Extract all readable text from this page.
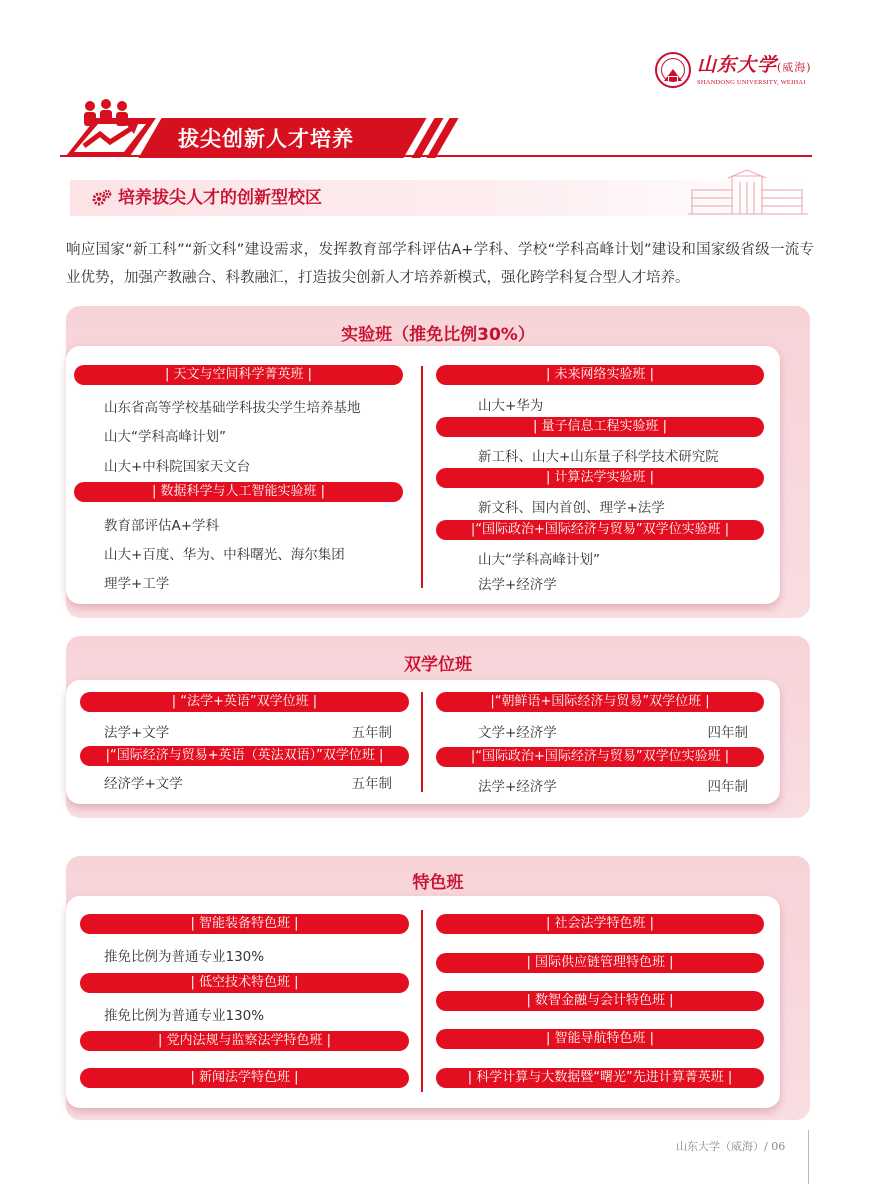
山东大学(威海)
SHANDONG UNIVERSITY, WEIHAI
拔尖创新人才培养
培养拔尖人才的创新型校区
响应国家“新工科”“新文科”建设需求，发挥教育部学科评估A+学科、学校“学科高峰计划”建设和国家级省级一流专业优势，加强产教融合、科教融汇，打造拔尖创新人才培养新模式，强化跨学科复合型人才培养。
实验班（推免比例30%）
| 天文与空间科学菁英班 |
山东省高等学校基础学科拔尖学生培养基地
山大“学科高峰计划”
山大+中科院国家天文台
| 数据科学与人工智能实验班 |
教育部评估A+学科
山大+百度、华为、中科曙光、海尔集团
理学+工学
| 未来网络实验班 |
山大+华为
| 量子信息工程实验班 |
新工科、山大+山东量子科学技术研究院
| 计算法学实验班 |
新文科、国内首创、理学+法学
|“国际政治+国际经济与贸易”双学位实验班 |
山大“学科高峰计划”
法学+经济学
双学位班
| “法学+英语”双学位班 |
法学+文学	五年制
|“国际经济与贸易+英语（英法双语）”双学位班 |
经济学+文学	五年制
|“朝鲜语+国际经济与贸易”双学位班 |
文学+经济学	四年制
|“国际政治+国际经济与贸易”双学位实验班 |
法学+经济学	四年制
特色班
| 智能装备特色班 |
推免比例为普通专业130%
| 低空技术特色班 |
推免比例为普通专业130%
| 党内法规与监察法学特色班 |
| 新闻法学特色班 |
| 社会法学特色班 |
| 国际供应链管理特色班 |
| 数智金融与会计特色班 |
| 智能导航特色班 |
| 科学计算与大数据暨“曙光”先进计算菁英班 |
山东大学（威海）/ 06
